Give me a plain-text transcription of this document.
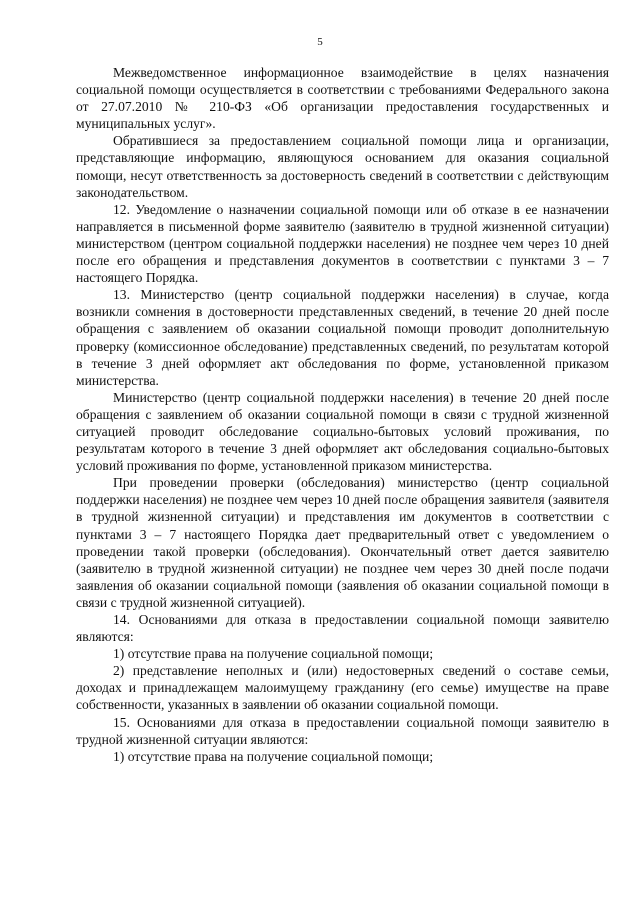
5

Межведомственное информационное взаимодействие в целях назначения социальной помощи осуществляется в соответствии с требованиями Федерального закона от 27.07.2010 № 210-ФЗ «Об организации предоставления государственных и муниципальных услуг».

Обратившиеся за предоставлением социальной помощи лица и организации, представляющие информацию, являющуюся основанием для оказания социальной помощи, несут ответственность за достоверность сведений в соответствии с действующим законодательством.

12. Уведомление о назначении социальной помощи или об отказе в ее назначении направляется в письменной форме заявителю (заявителю в трудной жизненной ситуации) министерством (центром социальной поддержки населения) не позднее чем через 10 дней после его обращения и представления документов в соответствии с пунктами 3 – 7 настоящего Порядка.

13. Министерство (центр социальной поддержки населения) в случае, когда возникли сомнения в достоверности представленных сведений, в течение 20 дней после обращения с заявлением об оказании социальной помощи проводит дополнительную проверку (комиссионное обследование) представленных сведений, по результатам которой в течение 3 дней оформляет акт обследования по форме, установленной приказом министерства.

Министерство (центр социальной поддержки населения) в течение 20 дней после обращения с заявлением об оказании социальной помощи в связи с трудной жизненной ситуацией проводит обследование социально-бытовых условий проживания, по результатам которого в течение 3 дней оформляет акт обследования социально-бытовых условий проживания по форме, установленной приказом министерства.

При проведении проверки (обследования) министерство (центр социальной поддержки населения) не позднее чем через 10 дней после обращения заявителя (заявителя в трудной жизненной ситуации) и представления им документов в соответствии с пунктами 3 – 7 настоящего Порядка дает предварительный ответ с уведомлением о проведении такой проверки (обследования). Окончательный ответ дается заявителю (заявителю в трудной жизненной ситуации) не позднее чем через 30 дней после подачи заявления об оказании социальной помощи (заявления об оказании социальной помощи в связи с трудной жизненной ситуацией).

14. Основаниями для отказа в предоставлении социальной помощи заявителю являются:

1) отсутствие права на получение социальной помощи;

2) представление неполных и (или) недостоверных сведений о составе семьи, доходах и принадлежащем малоимущему гражданину (его семье) имуществе на праве собственности, указанных в заявлении об оказании социальной помощи.

15. Основаниями для отказа в предоставлении социальной помощи заявителю в трудной жизненной ситуации являются:

1) отсутствие права на получение социальной помощи;
